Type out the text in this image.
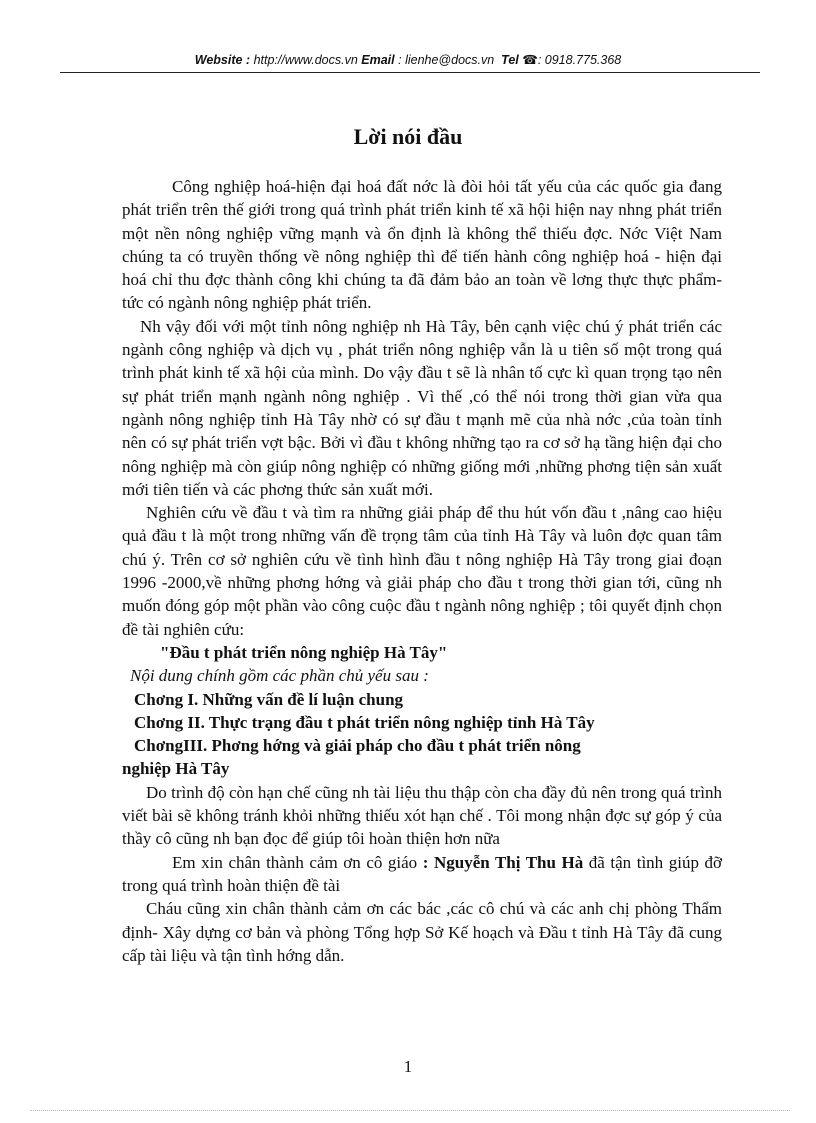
Website : http://www.docs.vn Email : lienhe@docs.vn Tel ☎: 0918.775.368
Lời nói đầu

Công nghiệp hoá-hiện đại hoá đất nớc là đòi hỏi tất yếu của các quốc gia đang phát triển trên thế giới trong quá trình phát triển kinh tế xã hội hiện nay nhng phát triển một nền nông nghiệp vững mạnh và ổn định là không thể thiếu đợc. Nớc Việt Nam chúng ta có truyền thống về nông nghiệp thì để tiến hành công nghiệp hoá - hiện đại hoá chỉ thu đợc thành công khi chúng ta đã đảm bảo an toàn về lơng thực thực phẩm- tức có ngành nông nghiệp phát triển.

Nh vậy đối với một tỉnh nông nghiệp nh Hà Tây, bên cạnh việc chú ý phát triển các ngành công nghiệp và dịch vụ , phát triển nông nghiệp vẫn là u tiên số một trong quá trình phát kinh tế xã hội của mình. Do vậy đầu t sẽ là nhân tố cực kì quan trọng tạo nên sự phát triển mạnh ngành nông nghiệp . Vì thế ,có thể nói trong thời gian vừa qua ngành nông nghiệp tỉnh Hà Tây nhờ có sự đầu t mạnh mẽ của nhà nớc ,của toàn tỉnh nên có sự phát triển vợt bậc. Bởi vì đầu t không những tạo ra cơ sở hạ tầng hiện đại cho nông nghiệp mà còn giúp nông nghiệp có những giống mới ,những phơng tiện sản xuất mới tiên tiến và các phơng thức sản xuất mới.

Nghiên cứu về đầu t và tìm ra những giải pháp để thu hút vốn đầu t ,nâng cao hiệu quả đầu t là một trong những vấn đề trọng tâm của tỉnh Hà Tây và luôn đợc quan tâm chú ý. Trên cơ sở nghiên cứu về tình hình đầu t nông nghiệp Hà Tây trong giai đoạn 1996 -2000,về những phơng hớng và giải pháp cho đầu t trong thời gian tới, cũng nh muốn đóng góp một phần vào công cuộc đầu t ngành nông nghiệp ; tôi quyết định chọn đề tài nghiên cứu:

"Đầu t phát triển nông nghiệp Hà Tây"

Nội dung chính gồm các phần chủ yếu sau :

Chơng I. Những vấn đề lí luận chung

Chơng II. Thực trạng đầu t phát triển nông nghiệp tỉnh Hà Tây

ChơngIII. Phơng hớng và giải pháp cho đầu t phát triển nông

nghiệp Hà Tây

Do trình độ còn hạn chế cũng nh tài liệu thu thập còn cha đầy đủ nên trong quá trình viết bài sẽ không tránh khỏi những thiếu xót hạn chế . Tôi mong nhận đợc sự góp ý của thầy cô cũng nh bạn đọc để giúp tôi hoàn thiện hơn nữa

Em xin chân thành cảm ơn cô giáo : Nguyễn Thị Thu Hà đã tận tình giúp đỡ trong quá trình hoàn thiện đề tài

Cháu cũng xin chân thành cảm ơn các bác ,các cô chú và các anh chị phòng Thẩm định- Xây dựng cơ bản và phòng Tổng hợp Sở Kế hoạch và Đầu t tỉnh Hà Tây đã cung cấp tài liệu và tận tình hớng dẫn.

1
